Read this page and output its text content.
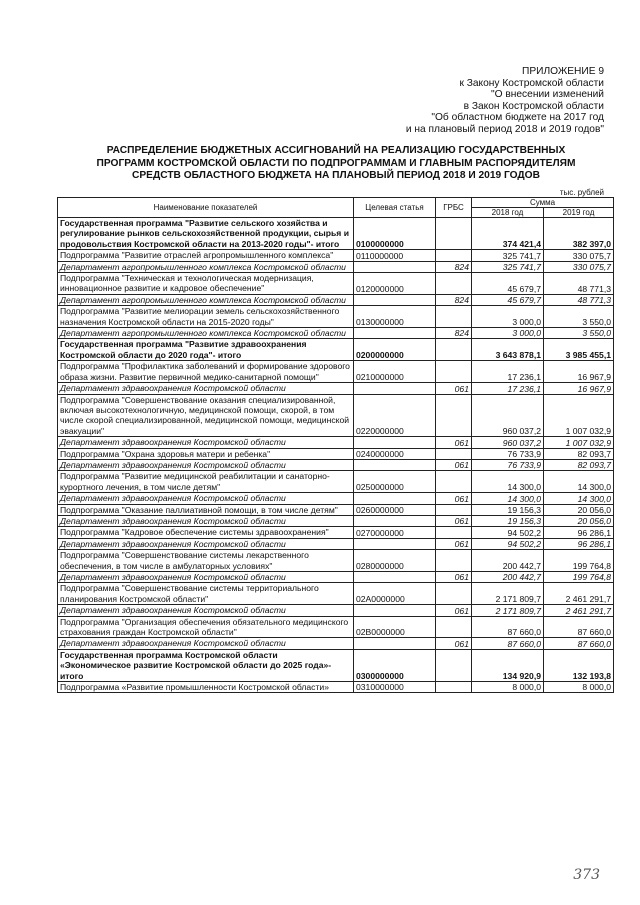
ПРИЛОЖЕНИЕ 9
к Закону Костромской области
"О внесении изменений
в Закон Костромской области
"Об областном бюджете на 2017 год
и на плановый период 2018 и 2019 годов"
РАСПРЕДЕЛЕНИЕ БЮДЖЕТНЫХ АССИГНОВАНИЙ НА РЕАЛИЗАЦИЮ ГОСУДАРСТВЕННЫХ
ПРОГРАММ КОСТРОМСКОЙ ОБЛАСТИ ПО ПОДПРОГРАММАМ И ГЛАВНЫМ РАСПОРЯДИТЕЛЯМ
СРЕДСТВ ОБЛАСТНОГО БЮДЖЕТА НА ПЛАНОВЫЙ ПЕРИОД 2018 И 2019 ГОДОВ
тыс. рублей
Наименование показателей	Целевая статья	ГРБС	Сумма	
			2018 год	2019 год
Государственная программа "Развитие сельского хозяйства и регулирование рынков сельскохозяйственной продукции, сырья и продовольствия Костромской области на 2013-2020 годы"- итого	0100000000		374 421,4	382 397,0
Подпрограмма "Развитие отраслей агропромышленного комплекса"	0110000000		325 741,7	330 075,7
Департамент агропромышленного комплекса Костромской области		824	325 741,7	330 075,7
Подпрограмма "Техническая и технологическая модернизация, инновационное развитие и кадровое обеспечение"	0120000000		45 679,7	48 771,3
Департамент агропромышленного комплекса Костромской области		824	45 679,7	48 771,3
Подпрограмма "Развитие мелиорации земель сельскохозяйственного назначения Костромской области на 2015-2020 годы"	0130000000		3 000,0	3 550,0
Департамент агропромышленного комплекса Костромской области		824	3 000,0	3 550,0
Государственная программа "Развитие здравоохранения Костромской области до 2020 года"- итого	0200000000		3 643 878,1	3 985 455,1
Подпрограмма "Профилактика заболеваний и формирование здорового образа жизни. Развитие первичной медико-санитарной помощи"	0210000000		17 236,1	16 967,9
Департамент здравоохранения Костромской области		061	17 236,1	16 967,9
Подпрограмма "Совершенствование оказания специализированной, включая высокотехнологичную, медицинской помощи, скорой, в том числе скорой специализированной, медицинской помощи, медицинской эвакуации"	0220000000		960 037,2	1 007 032,9
Департамент здравоохранения Костромской области		061	960 037,2	1 007 032,9
Подпрограмма "Охрана здоровья матери и ребенка"	0240000000		76 733,9	82 093,7
Департамент здравоохранения Костромской области		061	76 733,9	82 093,7
Подпрограмма "Развитие медицинской реабилитации и санаторно-курортного лечения, в том числе детям"	0250000000		14 300,0	14 300,0
Департамент здравоохранения Костромской области		061	14 300,0	14 300,0
Подпрограмма "Оказание паллиативной помощи, в том числе детям"	0260000000		19 156,3	20 056,0
Департамент здравоохранения Костромской области		061	19 156,3	20 056,0
Подпрограмма "Кадровое обеспечение системы здравоохранения"	0270000000		94 502,2	96 286,1
Департамент здравоохранения Костромской области		061	94 502,2	96 286,1
Подпрограмма "Совершенствование системы лекарственного обеспечения, в том числе в амбулаторных условиях"	0280000000		200 442,7	199 764,8
Департамент здравоохранения Костромской области		061	200 442,7	199 764,8
Подпрограмма "Совершенствование системы территориального планирования Костромской области"	02А0000000		2 171 809,7	2 461 291,7
Департамент здравоохранения Костромской области		061	2 171 809,7	2 461 291,7
Подпрограмма "Организация обеспечения обязательного медицинского страхования граждан Костромской области"	02В0000000		87 660,0	87 660,0
Департамент здравоохранения Костромской области		061	87 660,0	87 660,0
Государственная программа Костромской области «Экономическое развитие Костромской области до 2025 года»- итого	0300000000		134 920,9	132 193,8
Подпрограмма «Развитие промышленности Костромской области»	0310000000		8 000,0	8 000,0
373
